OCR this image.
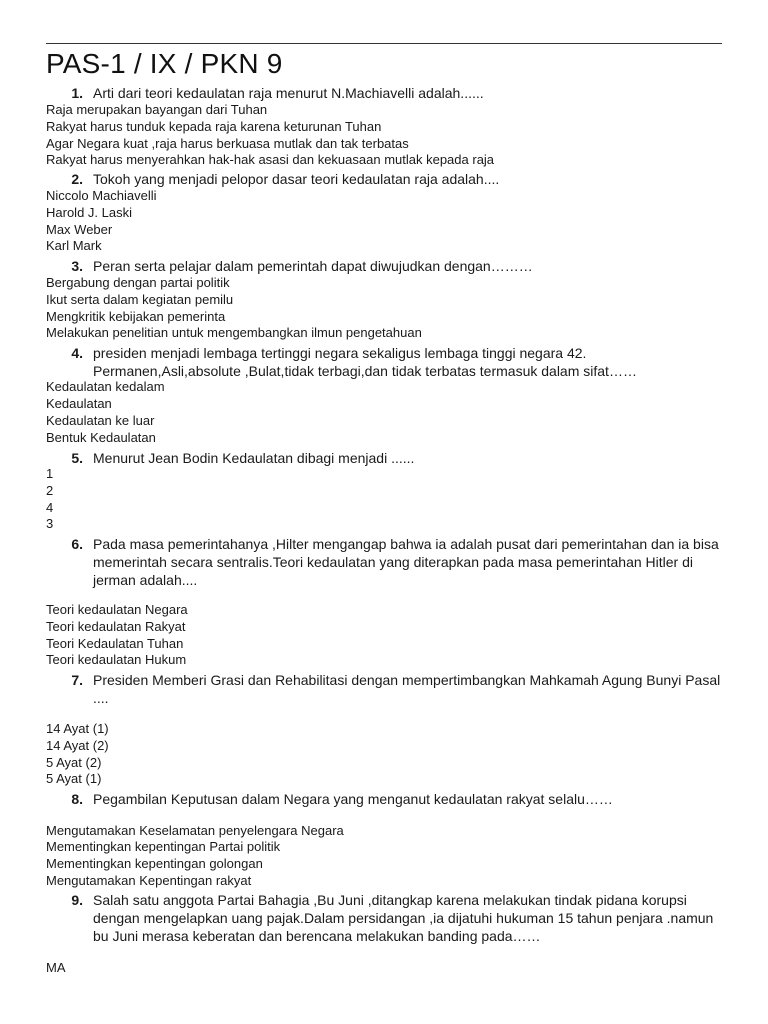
PAS-1 / IX / PKN 9
1. Arti dari teori kedaulatan raja menurut N.Machiavelli adalah......
Raja merupakan bayangan dari Tuhan
Rakyat harus tunduk kepada raja karena keturunan Tuhan
Agar Negara kuat ,raja harus berkuasa mutlak dan tak terbatas
Rakyat harus menyerahkan hak-hak asasi dan kekuasaan mutlak kepada raja
2. Tokoh yang menjadi pelopor dasar teori kedaulatan raja adalah....
Niccolo Machiavelli
Harold J. Laski
Max Weber
Karl Mark
3. Peran serta pelajar dalam pemerintah dapat diwujudkan dengan………
Bergabung dengan partai politik
Ikut serta dalam kegiatan pemilu
Mengkritik kebijakan pemerinta
Melakukan penelitian untuk mengembangkan ilmun pengetahuan
4. presiden menjadi lembaga tertinggi negara sekaligus lembaga tinggi negara 42. Permanen,Asli,absolute ,Bulat,tidak terbagi,dan tidak terbatas termasuk dalam sifat……
Kedaulatan kedalam
Kedaulatan
Kedaulatan ke luar
Bentuk Kedaulatan
5. Menurut Jean Bodin Kedaulatan dibagi menjadi ......
1
2
4
3
6. Pada masa pemerintahanya ,Hilter mengangap bahwa ia adalah pusat dari pemerintahan dan ia bisa memerintah secara sentralis.Teori kedaulatan yang diterapkan pada masa pemerintahan Hitler di jerman adalah....
Teori kedaulatan Negara
Teori kedaulatan Rakyat
Teori Kedaulatan Tuhan
Teori kedaulatan Hukum
7. Presiden Memberi Grasi dan Rehabilitasi dengan mempertimbangkan Mahkamah Agung Bunyi Pasal ....
14 Ayat (1)
14 Ayat (2)
5 Ayat (2)
5 Ayat (1)
8. Pegambilan Keputusan dalam Negara yang menganut kedaulatan rakyat selalu……
Mengutamakan Keselamatan penyelengara Negara
Mementingkan kepentingan Partai politik
Mementingkan kepentingan golongan
Mengutamakan Kepentingan rakyat
9. Salah satu anggota Partai Bahagia ,Bu Juni ,ditangkap karena melakukan tindak pidana korupsi dengan mengelapkan uang pajak.Dalam persidangan ,ia dijatuhi hukuman 15 tahun penjara .namun bu Juni merasa keberatan dan berencana melakukan banding pada……
MA
